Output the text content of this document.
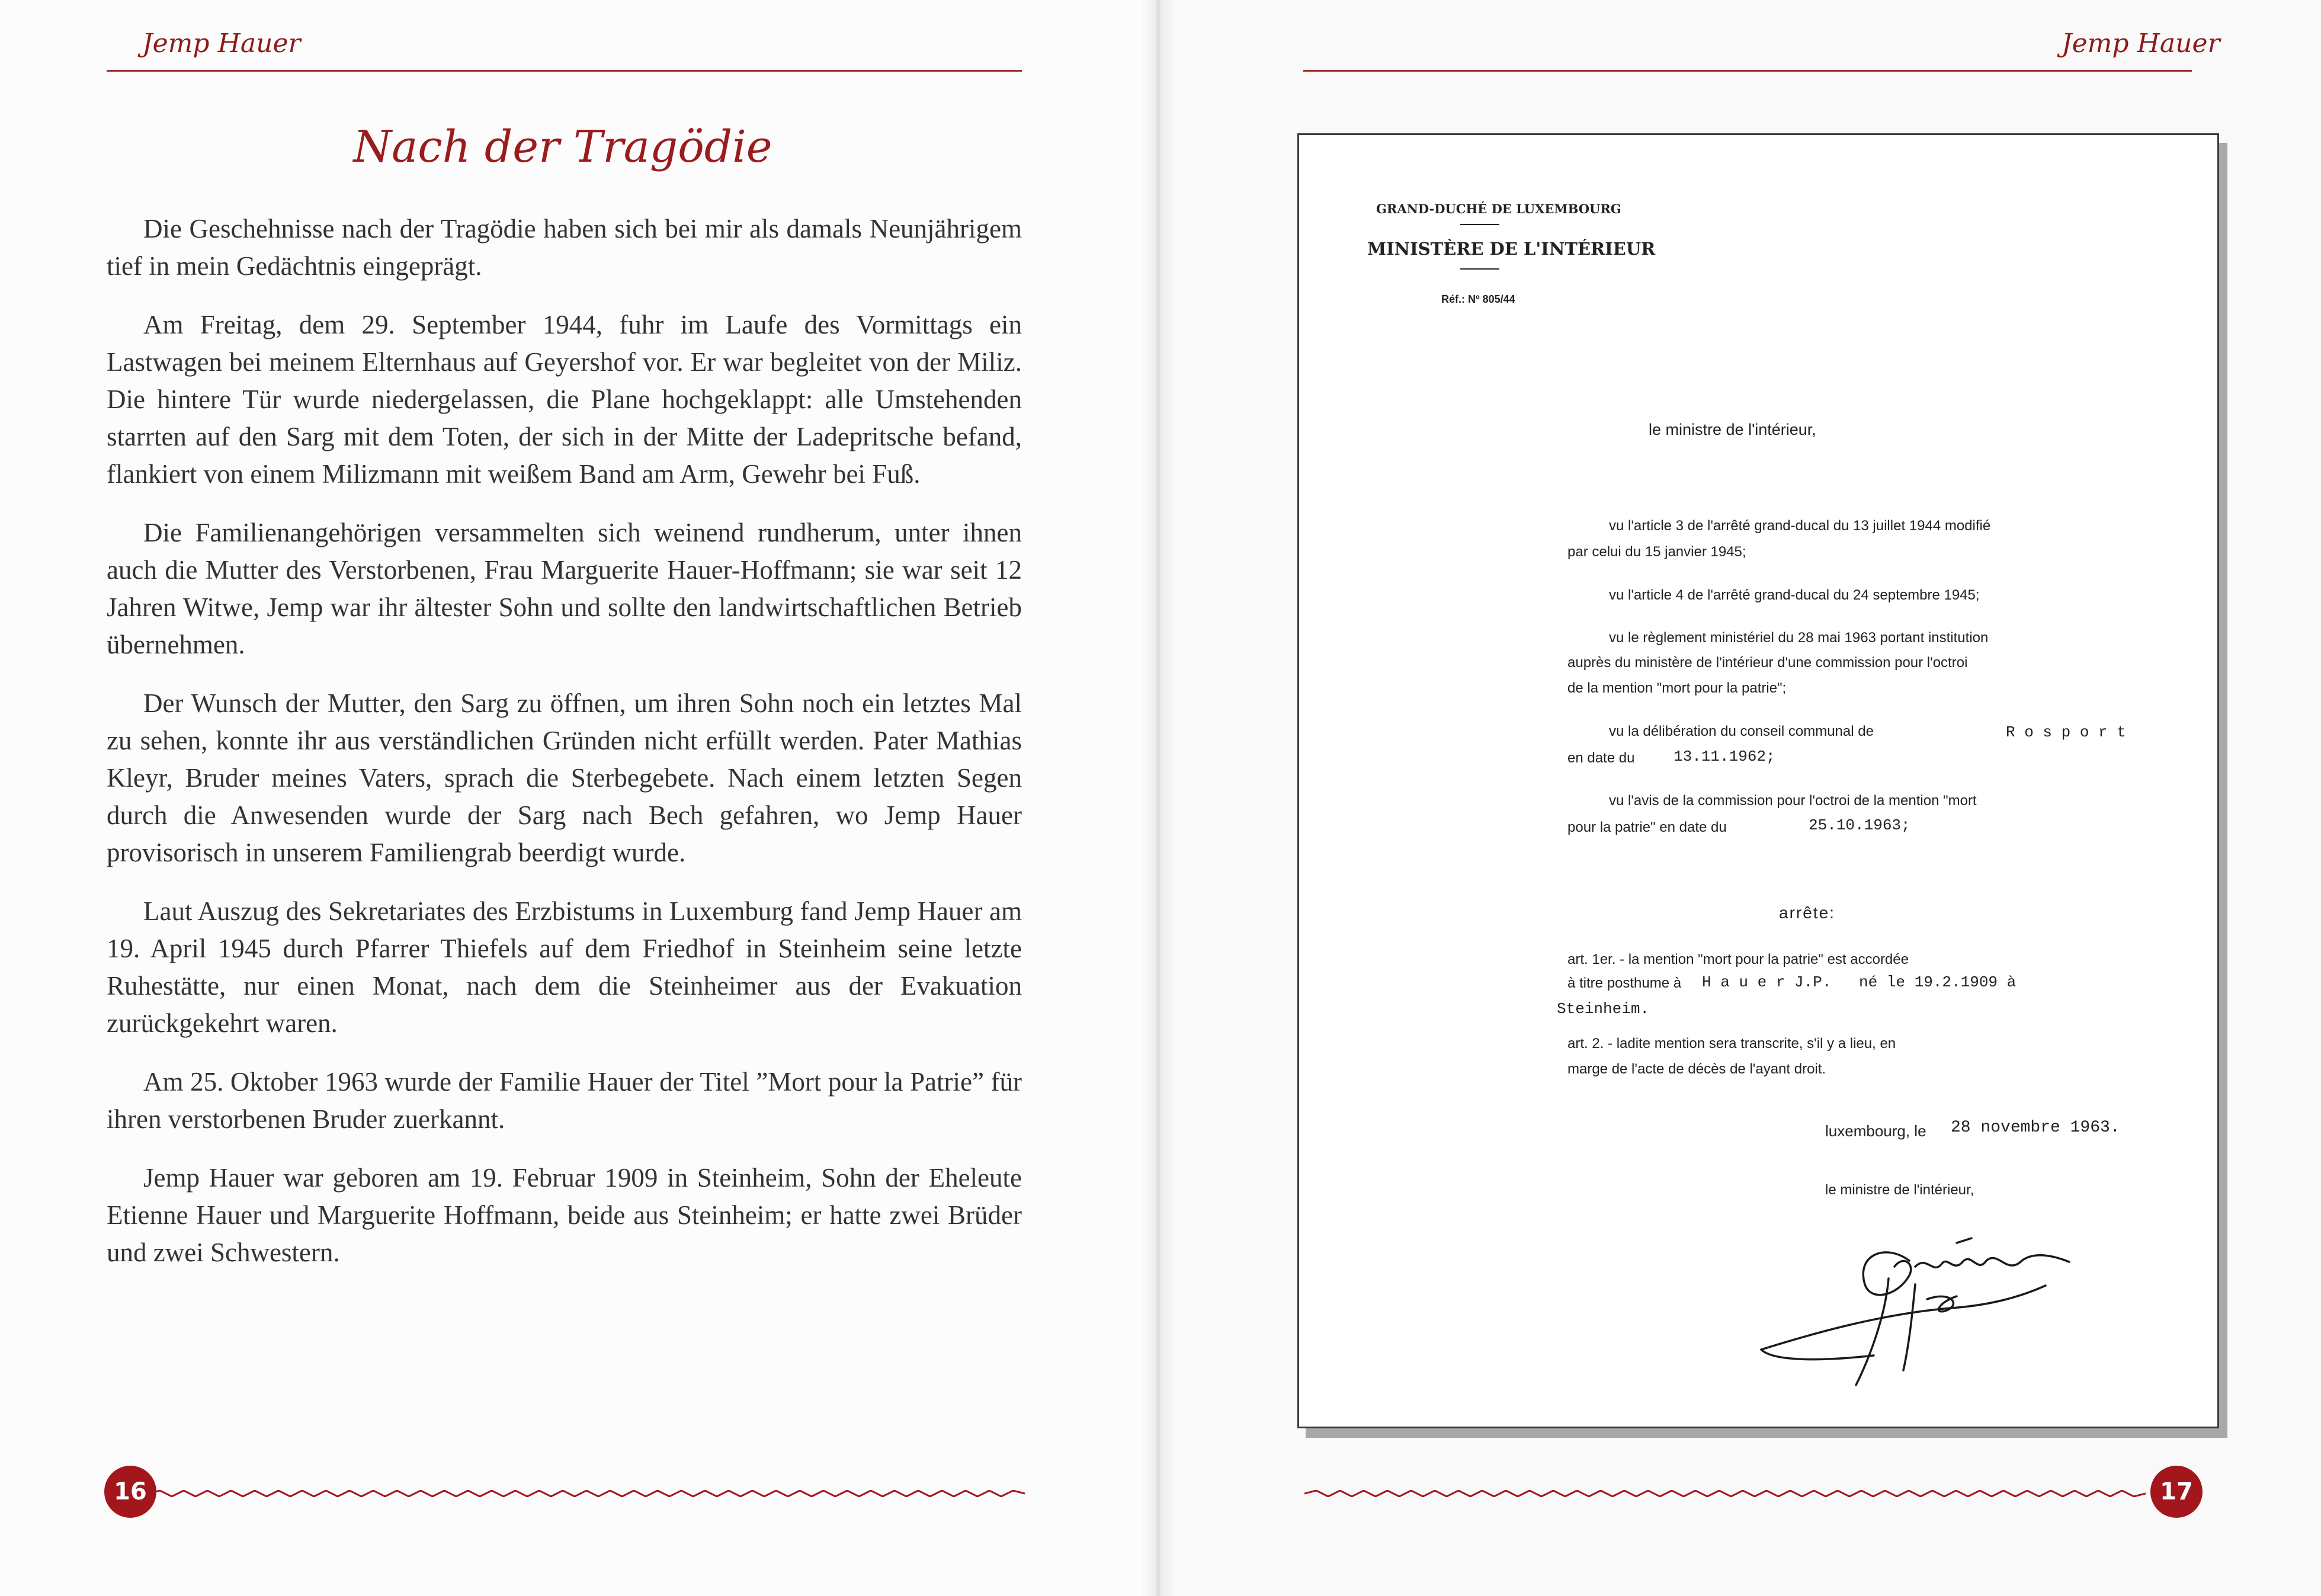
Jemp Hauer
Nach der Tragödie

Die Geschehnisse nach der Tragödie haben sich bei mir als damals Neunjährigem tief in mein Gedächtnis eingeprägt.

Am Freitag, dem 29. September 1944, fuhr im Laufe des Vormittags ein Lastwagen bei meinem Elternhaus auf Geyershof vor. Er war begleitet von der Miliz. Die hintere Tür wurde niedergelassen, die Plane hochgeklappt: alle Umstehenden starrten auf den Sarg mit dem Toten, der sich in der Mitte der Ladepritsche befand, flankiert von einem Milizmann mit weißem Band am Arm, Gewehr bei Fuß.

Die Familienangehörigen versammelten sich weinend rundherum, unter ihnen auch die Mutter des Verstorbenen, Frau Marguerite Hauer-Hoffmann; sie war seit 12 Jahren Witwe, Jemp war ihr ältester Sohn und sollte den landwirtschaftlichen Betrieb übernehmen.

Der Wunsch der Mutter, den Sarg zu öffnen, um ihren Sohn noch ein letztes Mal zu sehen, konnte ihr aus verständlichen Gründen nicht erfüllt werden. Pater Mathias Kleyr, Bruder meines Vaters, sprach die Sterbegebete. Nach einem letzten Segen durch die Anwesenden wurde der Sarg nach Bech gefahren, wo Jemp Hauer provisorisch in unserem Familiengrab beerdigt wurde.

Laut Auszug des Sekretariates des Erzbistums in Luxemburg fand Jemp Hauer am 19. April 1945 durch Pfarrer Thiefels auf dem Friedhof in Steinheim seine letzte Ruhestätte, nur einen Monat, nach dem die Steinheimer aus der Evakuation zurückgekehrt waren.

Am 25. Oktober 1963 wurde der Familie Hauer der Titel ”Mort pour la Patrie” für ihren verstorbenen Bruder zuerkannt.

Jemp Hauer war geboren am 19. Februar 1909 in Steinheim, Sohn der Eheleute Etienne Hauer und Marguerite Hoffmann, beide aus Steinheim; er hatte zwei Brüder und zwei Schwestern.

16
Jemp Hauer
17
GRAND-DUCHÉ DE LUXEMBOURG
MINISTÈRE DE L'INTÉRIEUR
Réf.: Nº 805/44
le ministre de l'intérieur,
vu l'article 3 de l'arrêté grand-ducal du 13 juillet 1944 modifié
par celui du 15 janvier 1945;
vu l'article 4 de l'arrêté grand-ducal du 24 septembre 1945;
vu le règlement ministériel du 28 mai 1963 portant institution
auprès du ministère de l'intérieur d'une commission pour l'octroi
de la mention "mort pour la patrie";
vu la délibération du conseil communal de	R o s p o r t
en date du	13.11.1962;
vu l'avis de la commission pour l'octroi de la mention "mort
pour la patrie" en date du	25.10.1963;
arrête:
art. 1er. - la mention "mort pour la patrie" est accordée
à titre posthume à H a u e r J.P. né le 19.2.1909 à
Steinheim.
art. 2. - ladite mention sera transcrite, s'il y a lieu, en
marge de l'acte de décès de l'ayant droit.
luxembourg, le 28 novembre 1963.
le ministre de l'intérieur,
